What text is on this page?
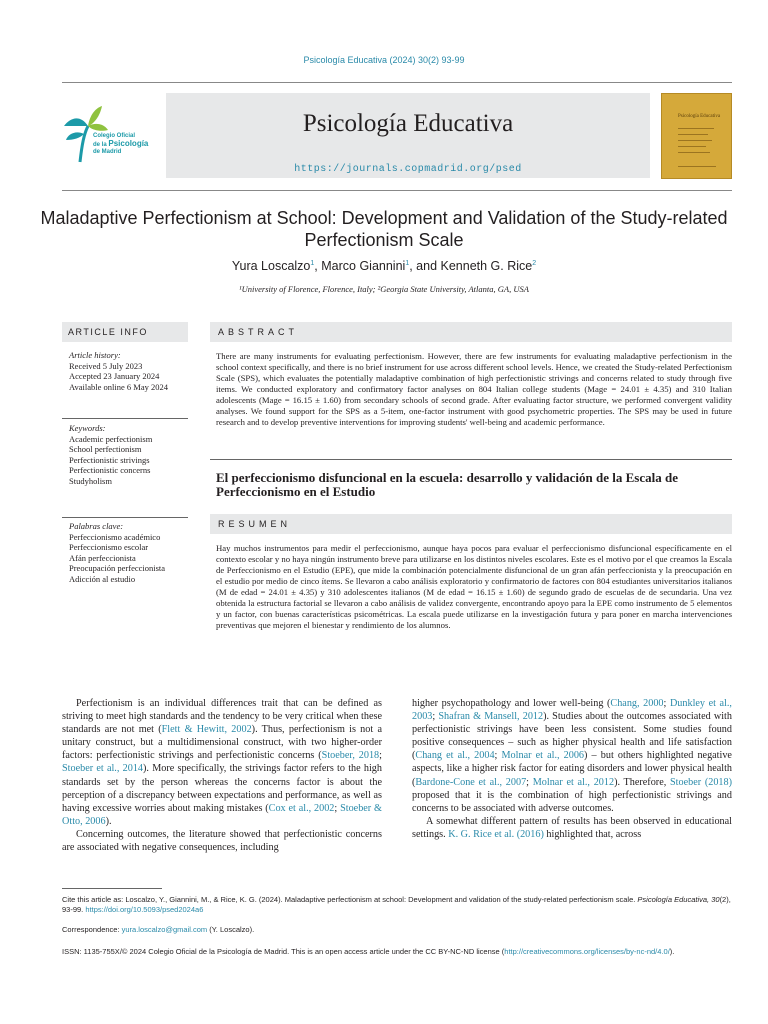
Psicología Educativa (2024) 30(2) 93-99
Colegio Oficial
de la Psicología
de Madrid
Psicología Educativa
https://journals.copmadrid.org/psed
Psicología Educativa
Maladaptive Perfectionism at School: Development and Validation of the Study-related Perfectionism Scale
Yura Loscalzo$^1$, Marco Giannini$^1$, and Kenneth G. Rice$^2$
¹University of Florence, Florence, Italy; ²Georgia State University, Atlanta, GA, USA
ARTICLE INFO
Article history:
Received 5 July 2023
Accepted 23 January 2024
Available online 6 May 2024
Keywords:
Academic perfectionism
School perfectionism
Perfectionistic strivings
Perfectionistic concerns
Studyholism
Palabras clave:
Perfeccionismo académico
Perfeccionismo escolar
Afán perfeccionista
Preocupación perfeccionista
Adicción al estudio
ABSTRACT
There are many instruments for evaluating perfectionism. However, there are few instruments for evaluating maladaptive perfectionism in the school context specifically, and there is no brief instrument for use across different school levels. Hence, we created the Study-related Perfectionism Scale (SPS), which evaluates the potentially maladaptive combination of high perfectionistic strivings and concerns related to study through five items. We conducted exploratory and confirmatory factor analyses on 804 Italian college students (Mage = 24.01 ± 4.35) and 310 Italian adolescents (Mage = 16.15 ± 1.60) from secondary schools of second grade. After evaluating factor structure, we performed convergent validity analyses. We found support for the SPS as a 5-item, one-factor instrument with good psychometric properties. The SPS may be used in future research and to develop preventive interventions for improving students' well-being and academic performance.
El perfeccionismo disfuncional en la escuela: desarrollo y validación de la Escala de Perfeccionismo en el Estudio
RESUMEN
Hay muchos instrumentos para medir el perfeccionismo, aunque haya pocos para evaluar el perfeccionismo disfuncional específicamente en el contexto escolar y no haya ningún instrumento breve para utilizarse en los distintos niveles escolares. Este es el motivo por el que creamos la Escala de Perfeccionismo en el Estudio (EPE), que mide la combinación potencialmente disfuncional de un gran afán perfeccionista y la preocupación en el estudio por medio de cinco ítems. Se llevaron a cabo análisis exploratorio y confirmatorio de factores con 804 estudiantes universitarios italianos (M de edad = 24.01 ± 4.35) y 310 adolescentes italianos (M de edad = 16.15 ± 1.60) de segundo grado de escuelas de de secundaria. Una vez obtenida la estructura factorial se llevaron a cabo análisis de validez convergente, encontrando apoyo para la EPE como instrumento de 5 elementos y un factor, con buenas características psicométricas. La escala puede utilizarse en la investigación futura y para poner en marcha intervenciones preventivas que mejoren el bienestar y rendimiento de los alumnos.

Perfectionism is an individual differences trait that can be defined as striving to meet high standards and the tendency to be very critical when these standards are not met (Flett & Hewitt, 2002). Thus, perfectionism is not a unitary construct, but a multidimensional construct, with two higher-order factors: perfectionistic strivings and perfectionistic concerns (Stoeber, 2018; Stoeber et al., 2014). More specifically, the strivings factor refers to the high standards set by the person whereas the concerns factor is about the perception of a discrepancy between expectations and performance, as well as having excessive worries about making mistakes (Cox et al., 2002; Stoeber & Otto, 2006).

Concerning outcomes, the literature showed that perfectionistic concerns are associated with negative consequences, including

higher psychopathology and lower well-being (Chang, 2000; Dunkley et al., 2003; Shafran & Mansell, 2012). Studies about the outcomes associated with perfectionistic strivings have been less consistent. Some studies found positive consequences – such as higher physical health and life satisfaction (Chang et al., 2004; Molnar et al., 2006) – but others highlighted negative aspects, like a higher risk factor for eating disorders and lower physical health (Bardone-Cone et al., 2007; Molnar et al., 2012). Therefore, Stoeber (2018) proposed that it is the combination of high perfectionistic strivings and concerns to be associated with adverse outcomes.

A somewhat different pattern of results has been observed in educational settings. K. G. Rice et al. (2016) highlighted that, across

Cite this article as: Loscalzo, Y., Giannini, M., & Rice, K. G. (2024). Maladaptive perfectionism at school: Development and validation of the study-related perfectionism scale. Psicología Educativa, 30(2), 93-99. https://doi.org/10.5093/psed2024a6
Correspondence: yura.loscalzo@gmail.com (Y. Loscalzo).
ISSN: 1135-755X/© 2024 Colegio Oficial de la Psicología de Madrid. This is an open access article under the CC BY-NC-ND license (http://creativecommons.org/licenses/by-nc-nd/4.0/).
